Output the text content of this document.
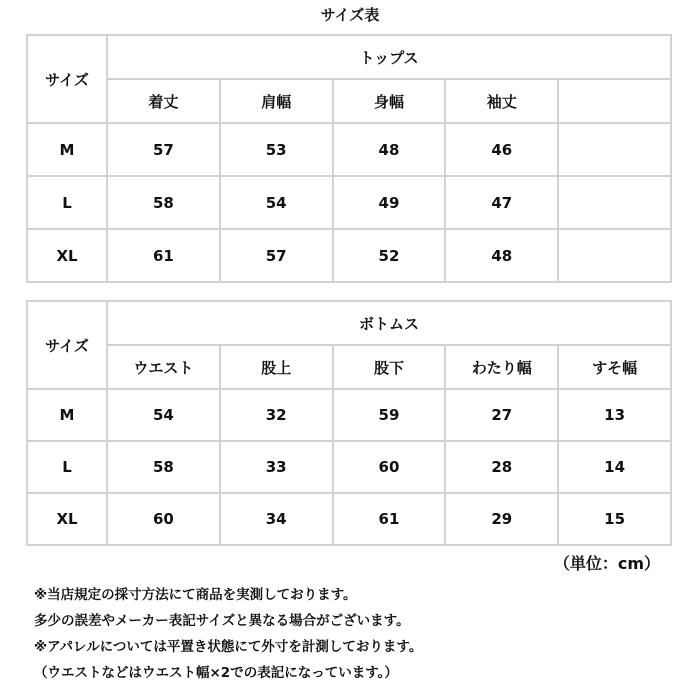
サイズ表
サイズ	トップス				
	着丈	肩幅	身幅	袖丈	
M	57	53	48	46	
L	58	54	49	47	
XL	61	57	52	48	
サイズ	ボトムス				
	ウエスト	股上	股下	わたり幅	すそ幅
M	54	32	59	27	13
L	58	33	60	28	14
XL	60	34	61	29	15
（単位：cm）
※当店規定の採寸方法にて商品を実測しております。
多少の誤差やメーカー表記サイズと異なる場合がございます。
※アパレルについては平置き状態にて外寸を計測しております。
（ウエストなどはウエスト幅×2での表記になっています。）
